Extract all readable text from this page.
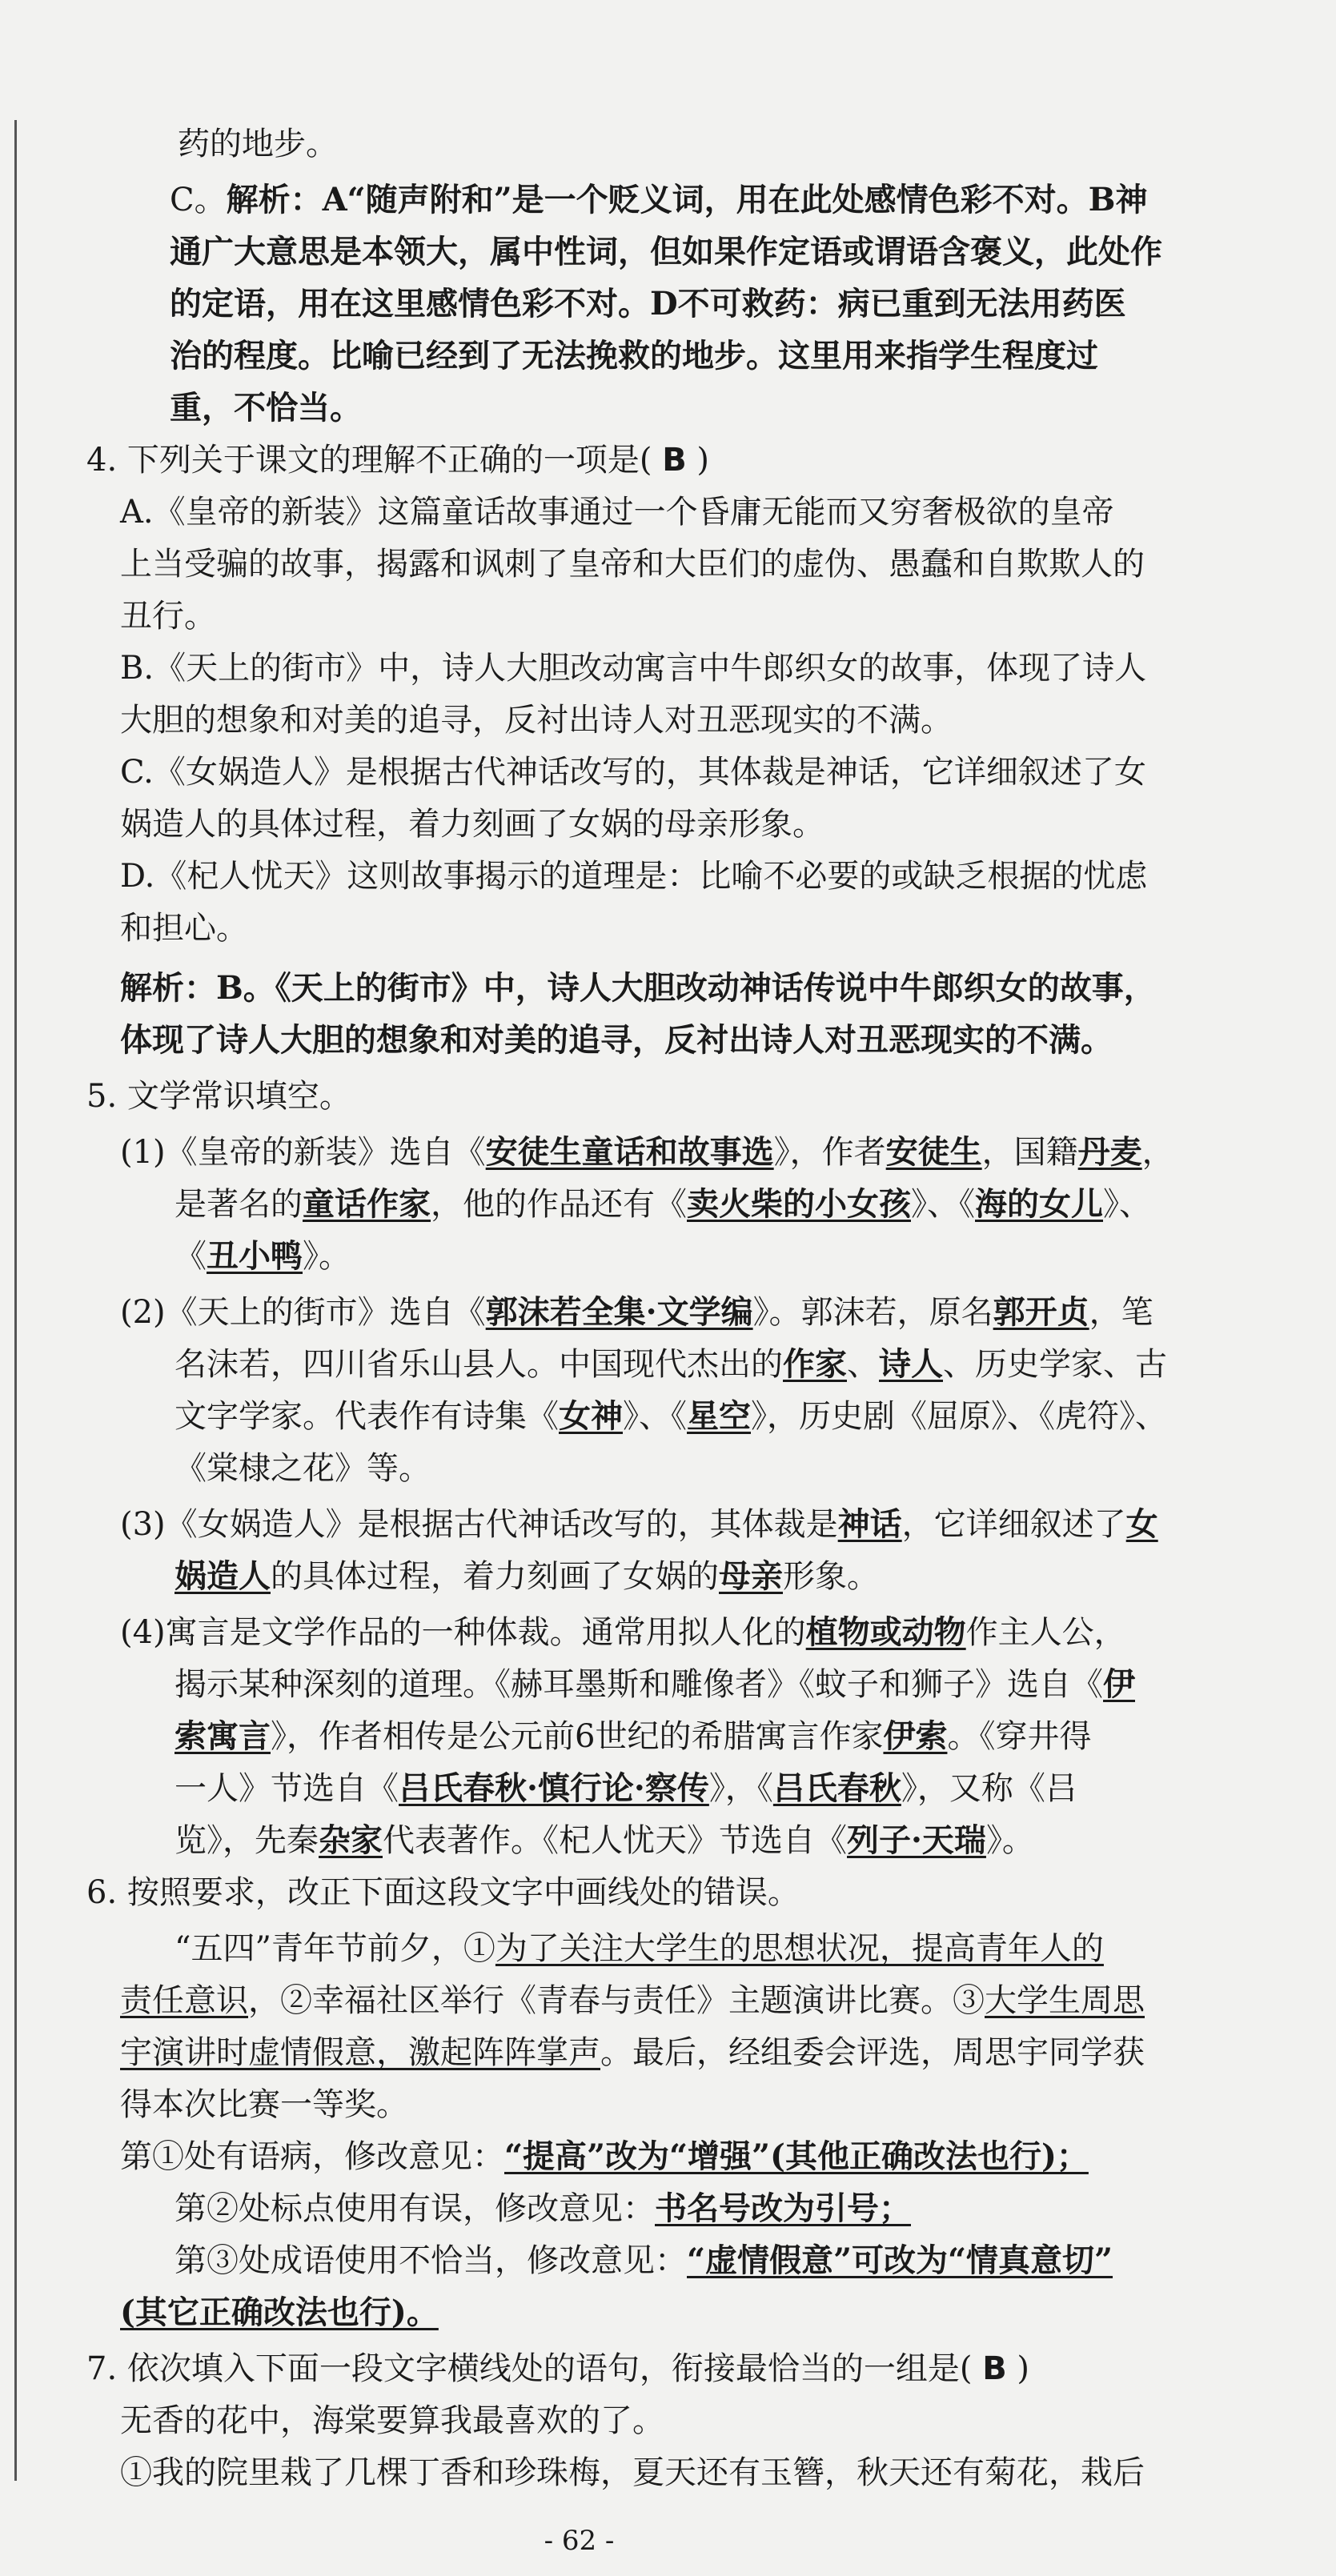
药的地步。
C。解析：A“随声附和”是一个贬义词，用在此处感情色彩不对。B神
通广大意思是本领大，属中性词，但如果作定语或谓语含褒义，此处作
的定语，用在这里感情色彩不对。D不可救药：病已重到无法用药医
治的程度。比喻已经到了无法挽救的地步。这里用来指学生程度过
重，不恰当。
4. 下列关于课文的理解不正确的一项是( B )
A.《皇帝的新装》这篇童话故事通过一个昏庸无能而又穷奢极欲的皇帝
上当受骗的故事，揭露和讽刺了皇帝和大臣们的虚伪、愚蠢和自欺欺人的
丑行。
B.《天上的街市》中，诗人大胆改动寓言中牛郎织女的故事，体现了诗人
大胆的想象和对美的追寻，反衬出诗人对丑恶现实的不满。
C.《女娲造人》是根据古代神话改写的，其体裁是神话，它详细叙述了女
娲造人的具体过程，着力刻画了女娲的母亲形象。
D.《杞人忧天》这则故事揭示的道理是：比喻不必要的或缺乏根据的忧虑
和担心。
解析：B。《天上的街市》中，诗人大胆改动神话传说中牛郎织女的故事，
体现了诗人大胆的想象和对美的追寻，反衬出诗人对丑恶现实的不满。
5. 文学常识填空。
(1)《皇帝的新装》选自《安徒生童话和故事选》，作者安徒生，国籍丹麦，
是著名的童话作家，他的作品还有《卖火柴的小女孩》、《海的女儿》、
《丑小鸭》。
(2)《天上的街市》选自《郭沫若全集·文学编》。郭沫若，原名郭开贞，笔
名沫若，四川省乐山县人。中国现代杰出的作家、诗人、历史学家、古
文字学家。代表作有诗集《女神》、《星空》，历史剧《屈原》、《虎符》、
《棠棣之花》等。
(3)《女娲造人》是根据古代神话改写的，其体裁是神话，它详细叙述了女
娲造人的具体过程，着力刻画了女娲的母亲形象。
(4)寓言是文学作品的一种体裁。通常用拟人化的植物或动物作主人公，
揭示某种深刻的道理。《赫耳墨斯和雕像者》《蚊子和狮子》选自《伊
索寓言》，作者相传是公元前6世纪的希腊寓言作家伊索。《穿井得
一人》节选自《吕氏春秋·慎行论·察传》，《吕氏春秋》，又称《吕
览》，先秦杂家代表著作。《杞人忧天》节选自《列子·天瑞》。
6. 按照要求，改正下面这段文字中画线处的错误。
“五四”青年节前夕，①为了关注大学生的思想状况，提高青年人的
责任意识，②幸福社区举行《青春与责任》主题演讲比赛。③大学生周思
宇演讲时虚情假意，激起阵阵掌声。最后，经组委会评选，周思宇同学获
得本次比赛一等奖。
第①处有语病，修改意见：“提高”改为“增强”(其他正确改法也行)；
第②处标点使用有误，修改意见：书名号改为引号；
第③处成语使用不恰当，修改意见：“虚情假意”可改为“情真意切”
(其它正确改法也行)。
7. 依次填入下面一段文字横线处的语句，衔接最恰当的一组是( B )
无香的花中，海棠要算我最喜欢的了。
①我的院里栽了几棵丁香和珍珠梅，夏天还有玉簪，秋天还有菊花，栽后
- 62 -
